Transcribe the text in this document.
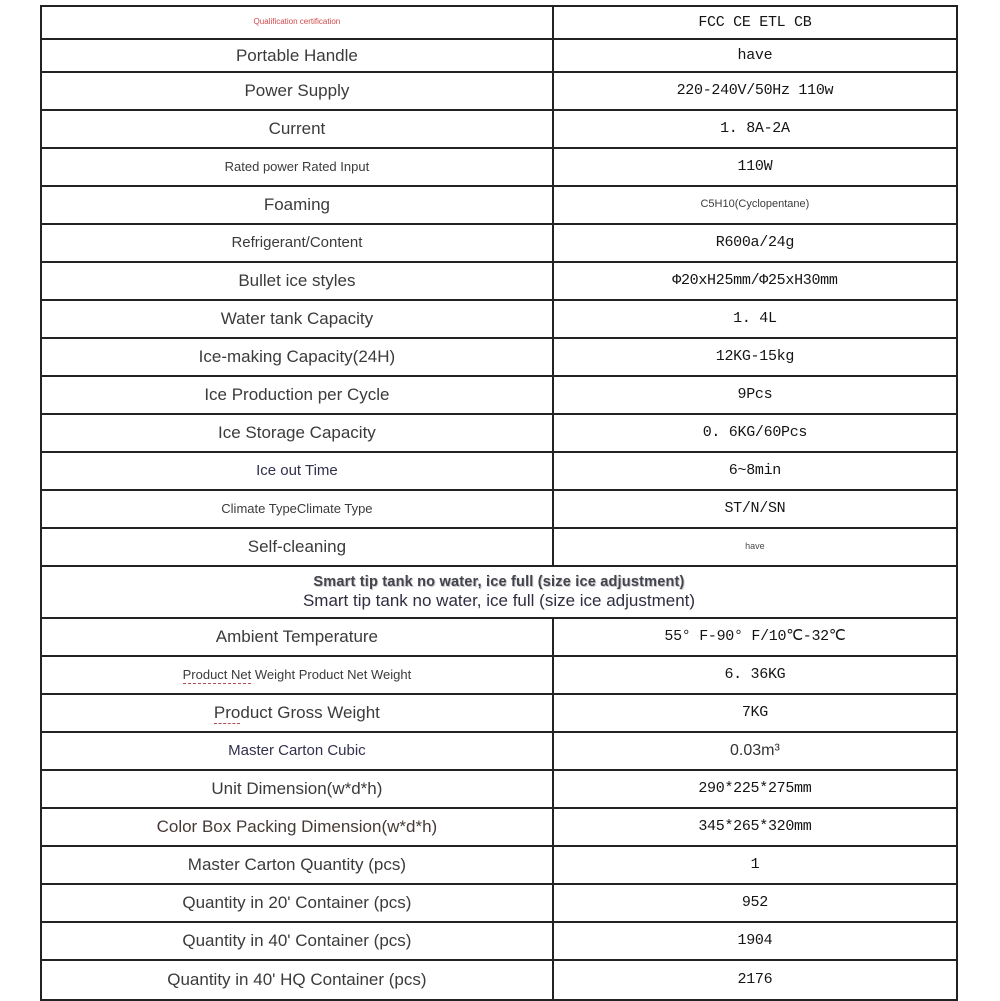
Qualification certification	FCC CE ETL CB
Portable Handle	have
Power Supply	220-240V/50Hz 110w
Current	1. 8A-2A
Rated power Rated Input	110W
Foaming	C5H10(Cyclopentane)
Refrigerant/Content	R600a/24g
Bullet ice styles	Φ20xH25mm/Φ25xH30mm
Water tank Capacity	1. 4L
Ice-making Capacity(24H)	12KG-15kg
Ice Production per Cycle	9Pcs
Ice Storage Capacity	0. 6KG/60Pcs
Ice out Time	6~8min
Climate TypeClimate Type	ST/N/SN
Self-cleaning	have
Smart tip tank no water, ice full (size ice adjustment)
Smart tip tank no water, ice full (size ice adjustment)
Ambient Temperature	55° F-90° F/10℃-32℃
Product Net Weight Product Net Weight	6. 36KG
Product Gross Weight	7KG
Master Carton Cubic	0.03m³
Unit Dimension(w*d*h)	290*225*275mm
Color Box Packing Dimension(w*d*h)	345*265*320mm
Master Carton Quantity (pcs)	1
Quantity in 20' Container (pcs)	952
Quantity in 40' Container (pcs)	1904
Quantity in 40' HQ Container (pcs)	2176
